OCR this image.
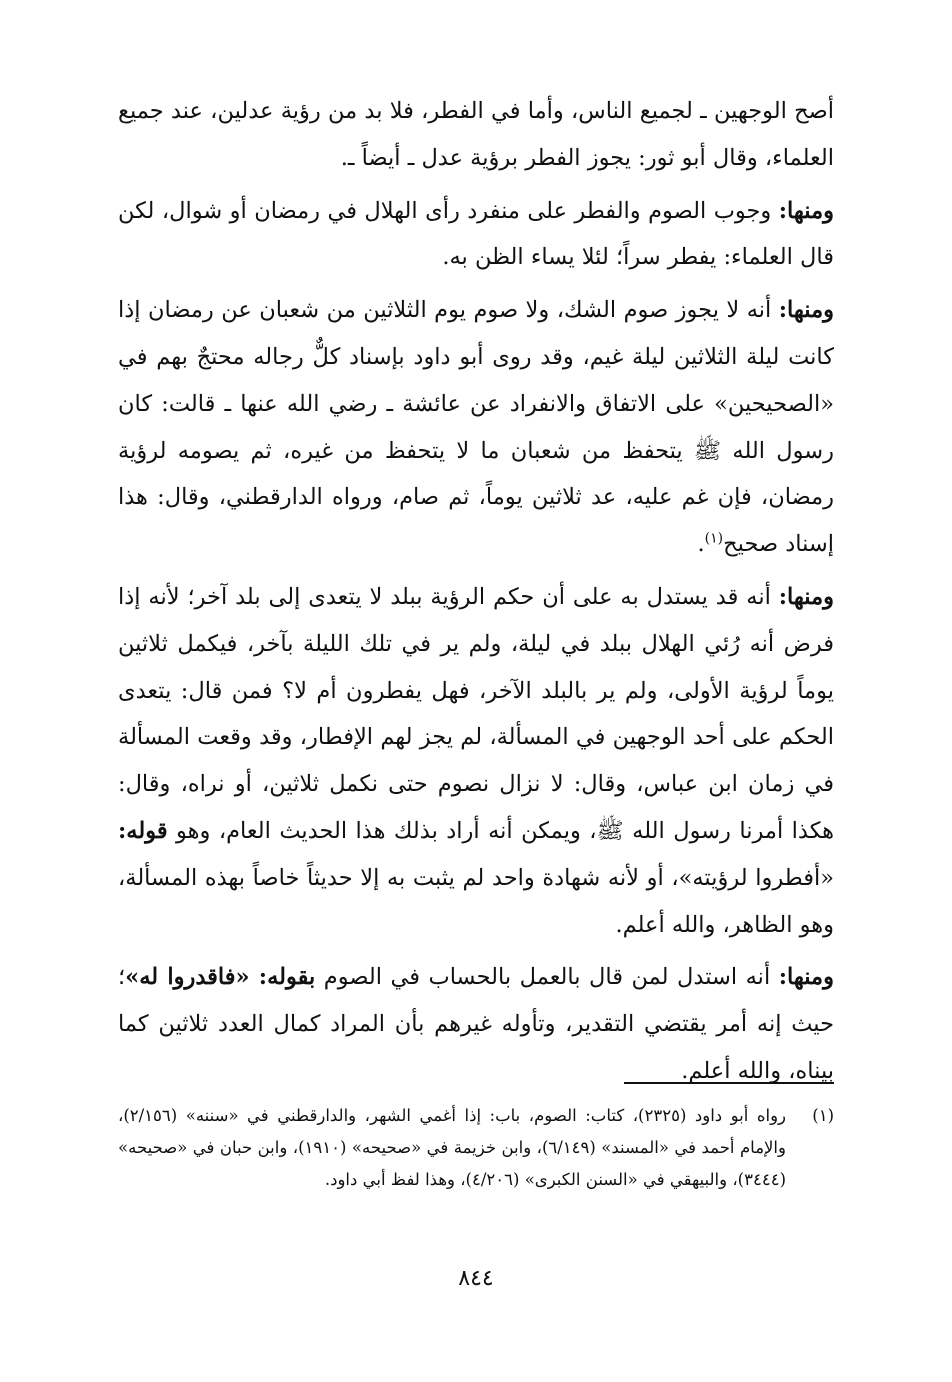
أصح الوجهين ـ لجميع الناس، وأما في الفطر، فلا بد من رؤية عدلين، عند جميع العلماء، وقال أبو ثور: يجوز الفطر برؤية عدل ـ أيضاً ـ.

ومنها: وجوب الصوم والفطر على منفرد رأى الهلال في رمضان أو شوال، لكن قال العلماء: يفطر سراً؛ لئلا يساء الظن به.

ومنها: أنه لا يجوز صوم الشك، ولا صوم يوم الثلاثين من شعبان عن رمضان إذا كانت ليلة الثلاثين ليلة غيم، وقد روى أبو داود بإسناد كلٌّ رجاله محتجٌ بهم في «الصحيحين» على الاتفاق والانفراد عن عائشة ـ رضي الله عنها ـ قالت: كان رسول الله ﷺ يتحفظ من شعبان ما لا يتحفظ من غيره، ثم يصومه لرؤية رمضان، فإن غم عليه، عد ثلاثين يوماً، ثم صام، ورواه الدارقطني، وقال: هذا إسناد صحيح$^{(١)}$.

ومنها: أنه قد يستدل به على أن حكم الرؤية ببلد لا يتعدى إلى بلد آخر؛ لأنه إذا فرض أنه رُئي الهلال ببلد في ليلة، ولم ير في تلك الليلة بآخر، فيكمل ثلاثين يوماً لرؤية الأولى، ولم ير بالبلد الآخر، فهل يفطرون أم لا؟ فمن قال: يتعدى الحكم على أحد الوجهين في المسألة، لم يجز لهم الإفطار، وقد وقعت المسألة في زمان ابن عباس، وقال: لا نزال نصوم حتى نكمل ثلاثين، أو نراه، وقال: هكذا أمرنا رسول الله ﷺ، ويمكن أنه أراد بذلك هذا الحديث العام، وهو قوله: «أفطروا لرؤيته»، أو لأنه شهادة واحد لم يثبت به إلا حديثاً خاصاً بهذه المسألة، وهو الظاهر، والله أعلم.

ومنها: أنه استدل لمن قال بالعمل بالحساب في الصوم بقوله: «فاقدروا له»؛ حيث إنه أمر يقتضي التقدير، وتأوله غيرهم بأن المراد كمال العدد ثلاثين كما بيناه، والله أعلم.

(١)
رواه أبو داود (٢٣٢٥)، كتاب: الصوم، باب: إذا أغمي الشهر، والدارقطني في «سننه» (٢/١٥٦)، والإمام أحمد في «المسند» (٦/١٤٩)، وابن خزيمة في «صحيحه» (١٩١٠)، وابن حبان في «صحيحه» (٣٤٤٤)، والبيهقي في «السنن الكبرى» (٤/٢٠٦)، وهذا لفظ أبي داود.
٨٤٤
